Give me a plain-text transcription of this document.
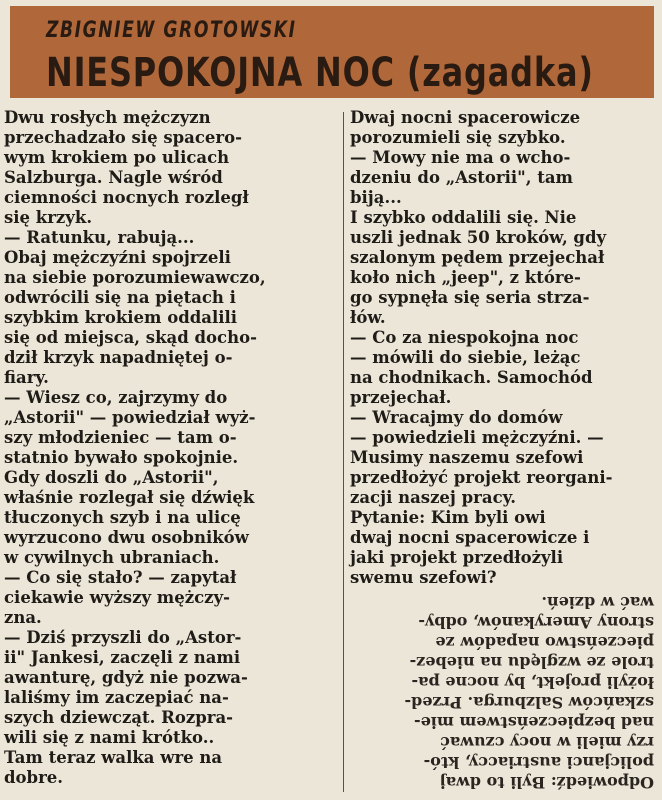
ZBIGNIEW GROTOWSKI
NIESPOKOJNA NOC (zagadka)

Dwu rosłych mężczyzn
przechadzało się spacero-
wym krokiem po ulicach
Salzburga. Nagle wśród
ciemności nocnych rozległ
się krzyk.

— Ratunku, rabują...

Obaj mężczyźni spojrzeli
na siebie porozumiewawczo,
odwrócili się na piętach i
szybkim krokiem oddalili
się od miejsca, skąd docho-
dził krzyk napadniętej o-
fiary.

— Wiesz co, zajrzymy do
„Astorii" — powiedział wyż-
szy młodzieniec — tam o-
statnio bywało spokojnie.

Gdy doszli do „Astorii",
właśnie rozlegał się dźwięk
tłuczonych szyb i na ulicę
wyrzucono dwu osobników
w cywilnych ubraniach.

— Co się stało? — zapytał
ciekawie wyższy mężczy-
zna.

— Dziś przyszli do „Astor-
ii" Jankesi, zaczęli z nami
awanturę, gdyż nie pozwa-
laliśmy im zaczepiać na-
szych dziewcząt. Rozpra-
wili się z nami krótko..
Tam teraz walka wre na
dobre.

Dwaj nocni spacerowicze
porozumieli się szybko.

— Mowy nie ma o wcho-
dzeniu do „Astorii", tam
biją...

I szybko oddalili się. Nie
uszli jednak 50 kroków, gdy
szalonym pędem przejechał
koło nich „jeep", z które-
go sypnęła się seria strza-
łów.

— Co za niespokojna noc
— mówili do siebie, leżąc
na chodnikach. Samochód
przejechał.

— Wracajmy do domów
— powiedzieli mężczyźni. —
Musimy naszemu szefowi
przedłożyć projekt reorgani-
zacji naszej pracy.

Pytanie: Kim byli owi
dwaj nocni spacerowicze i
jaki projekt przedłożyli
swemu szefowi?

Odpowiedź: Byli to dwaj
policjanci austriaccy, któ-
rzy mieli w nocy czuwać
nad bezpieczeństwem mie-
szkańców Salzburga. Przed-
łożyli projekt, by nocne pa-
trole ze względu na niebez-
pieczeństwo napadów ze
strony Amerykanów, odby-
wać w dzień.
